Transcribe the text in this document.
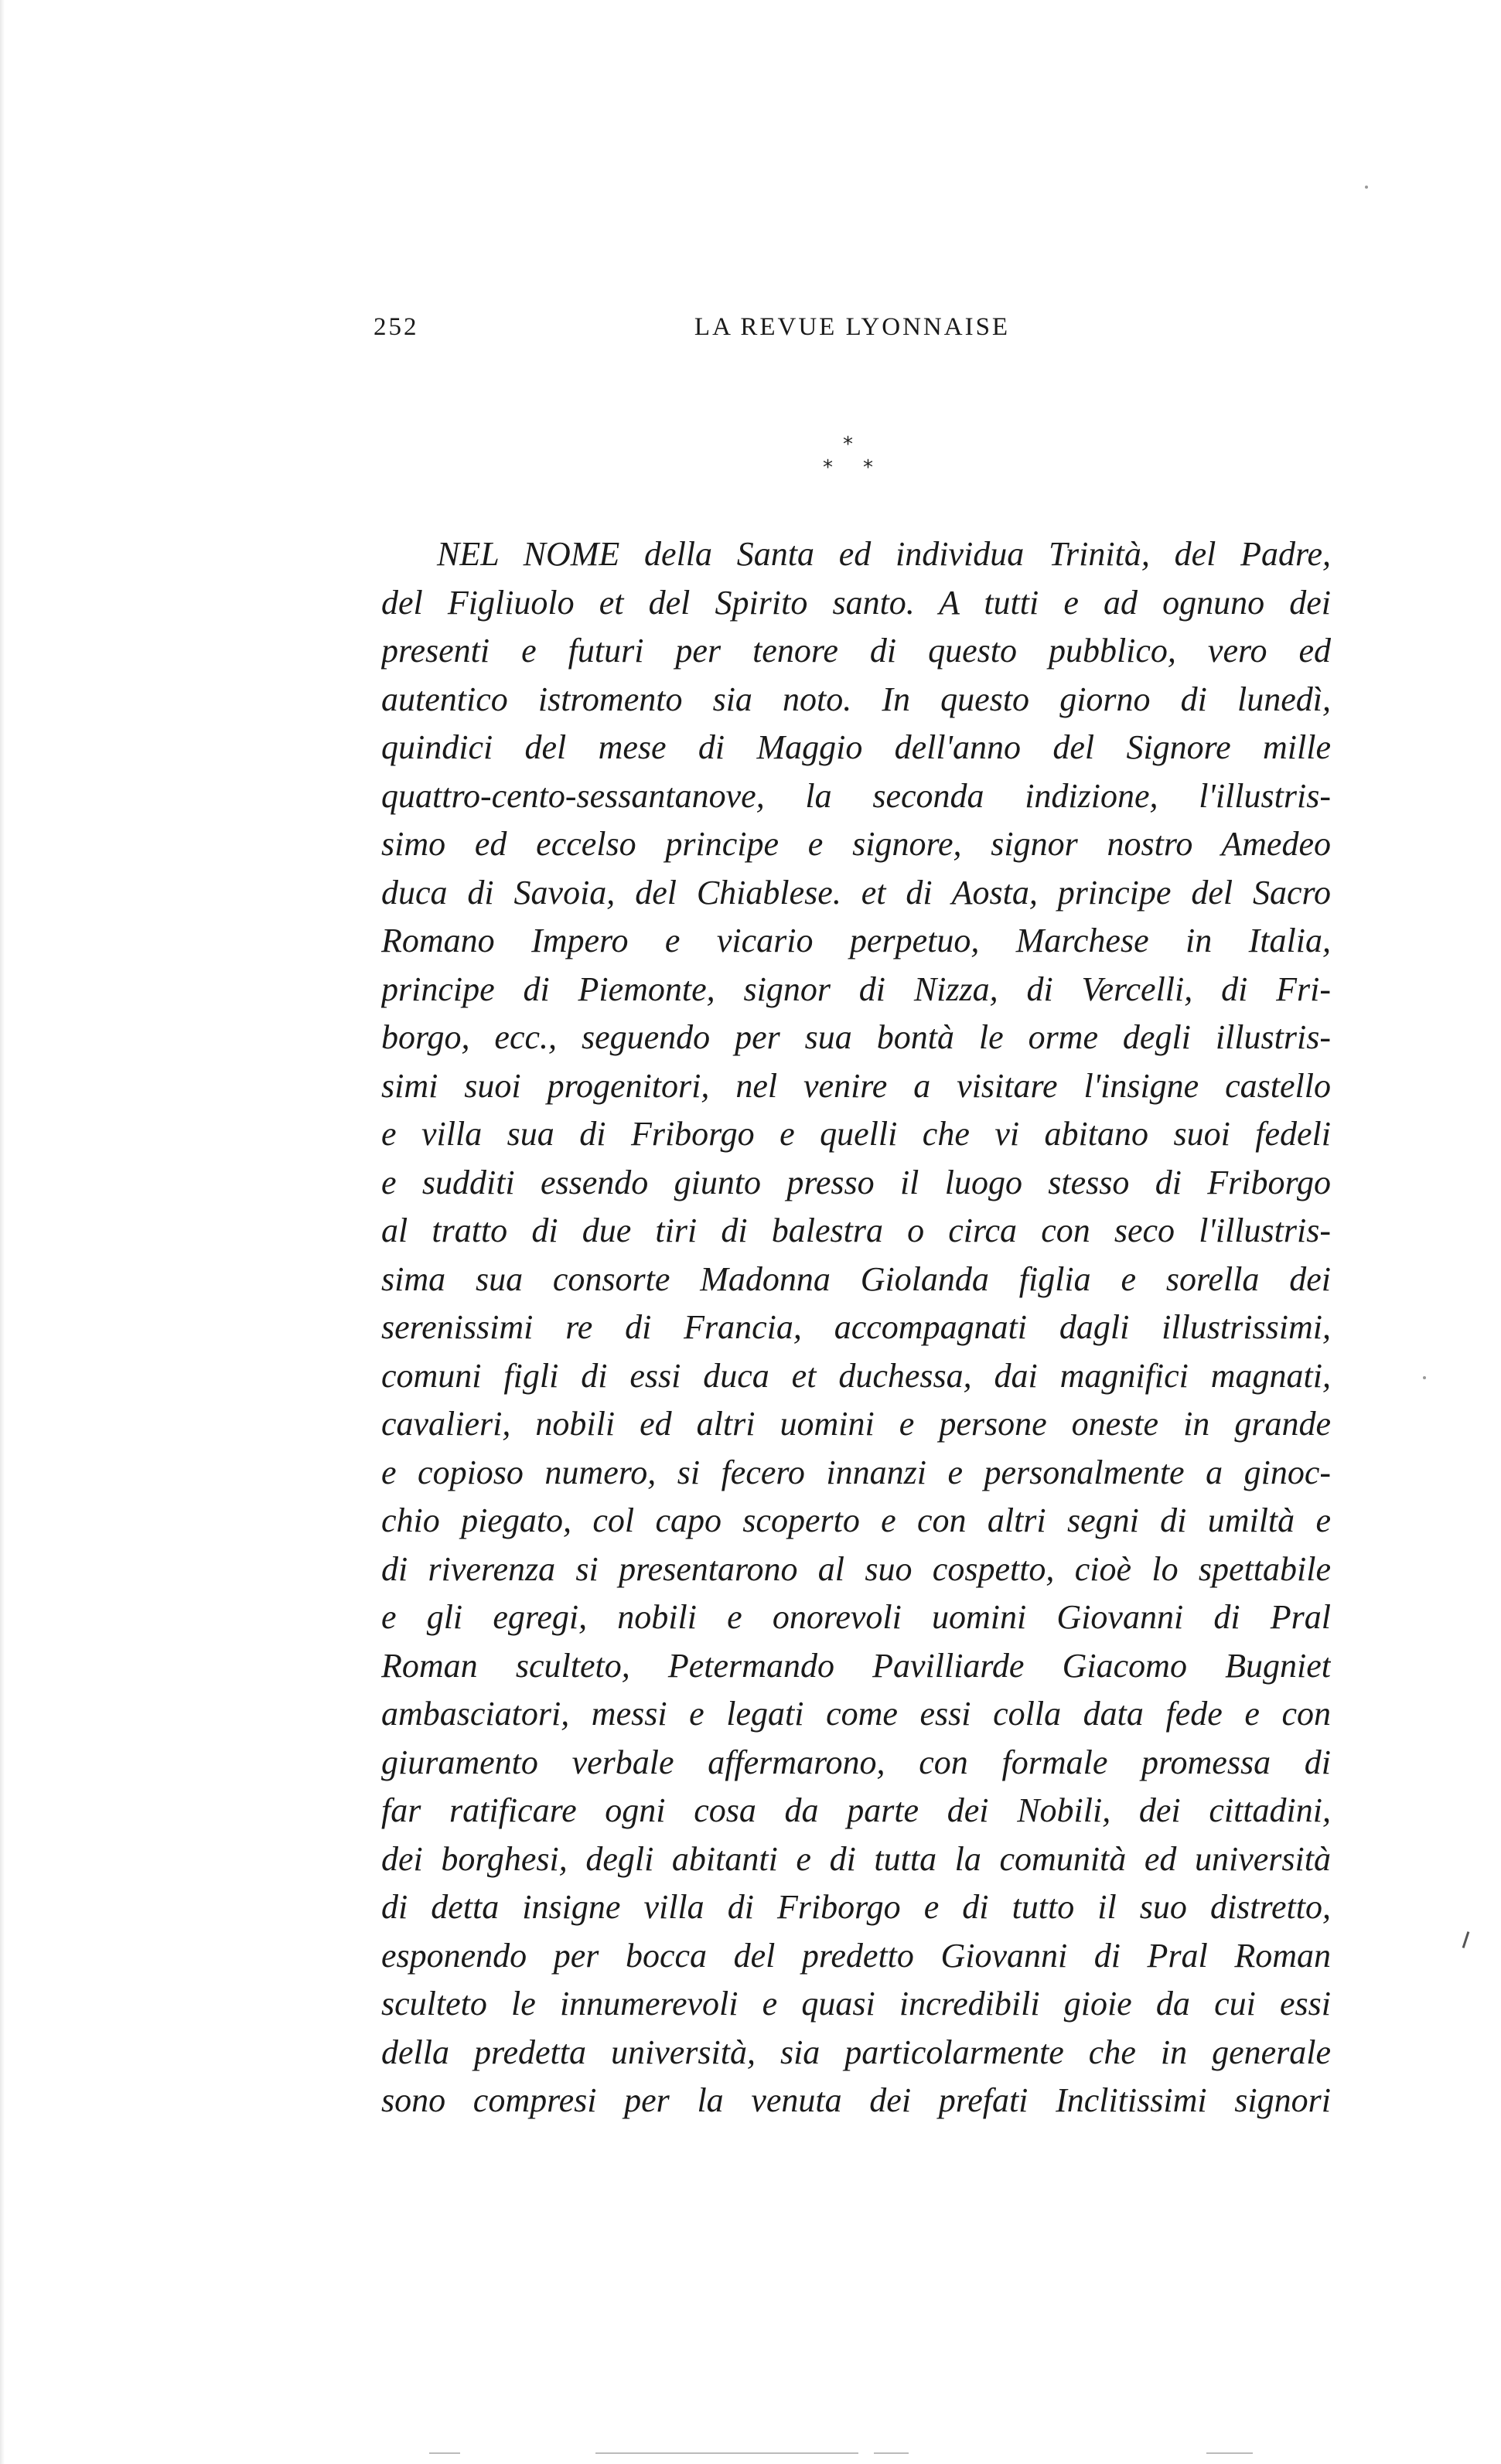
252	LA REVUE LYONNAISE
*
* *
NEL NOME della Santa ed individua Trinità, del Padre,
del Figliuolo et del Spirito santo. A tutti e ad ognuno dei
presenti e futuri per tenore di questo pubblico, vero ed
autentico istromento sia noto. In questo giorno di lunedì,
quindici del mese di Maggio dell'anno del Signore mille
quattro-cento-sessantanove, la seconda indizione, l'illustris-
simo ed eccelso principe e signore, signor nostro Amedeo
duca di Savoia, del Chiablese. et di Aosta, principe del Sacro
Romano Impero e vicario perpetuo, Marchese in Italia,
principe di Piemonte, signor di Nizza, di Vercelli, di Fri-
borgo, ecc., seguendo per sua bontà le orme degli illustris-
simi suoi progenitori, nel venire a visitare l'insigne castello
e villa sua di Friborgo e quelli che vi abitano suoi fedeli
e sudditi essendo giunto presso il luogo stesso di Friborgo
al tratto di due tiri di balestra o circa con seco l'illustris-
sima sua consorte Madonna Giolanda figlia e sorella dei
serenissimi re di Francia, accompagnati dagli illustrissimi,
comuni figli di essi duca et duchessa, dai magnifici magnati,
cavalieri, nobili ed altri uomini e persone oneste in grande
e copioso numero, si fecero innanzi e personalmente a ginoc-
chio piegato, col capo scoperto e con altri segni di umiltà e
di riverenza si presentarono al suo cospetto, cioè lo spettabile
e gli egregi, nobili e onorevoli uomini Giovanni di Pral
Roman sculteto, Petermando Pavilliarde Giacomo Bugniet
ambasciatori, messi e legati come essi colla data fede e con
giuramento verbale affermarono, con formale promessa di
far ratificare ogni cosa da parte dei Nobili, dei cittadini,
dei borghesi, degli abitanti e di tutta la comunità ed università
di detta insigne villa di Friborgo e di tutto il suo distretto,
esponendo per bocca del predetto Giovanni di Pral Roman
sculteto le innumerevoli e quasi incredibili gioie da cui essi
della predetta università, sia particolarmente che in generale
sono compresi per la venuta dei prefati Inclitissimi signori
